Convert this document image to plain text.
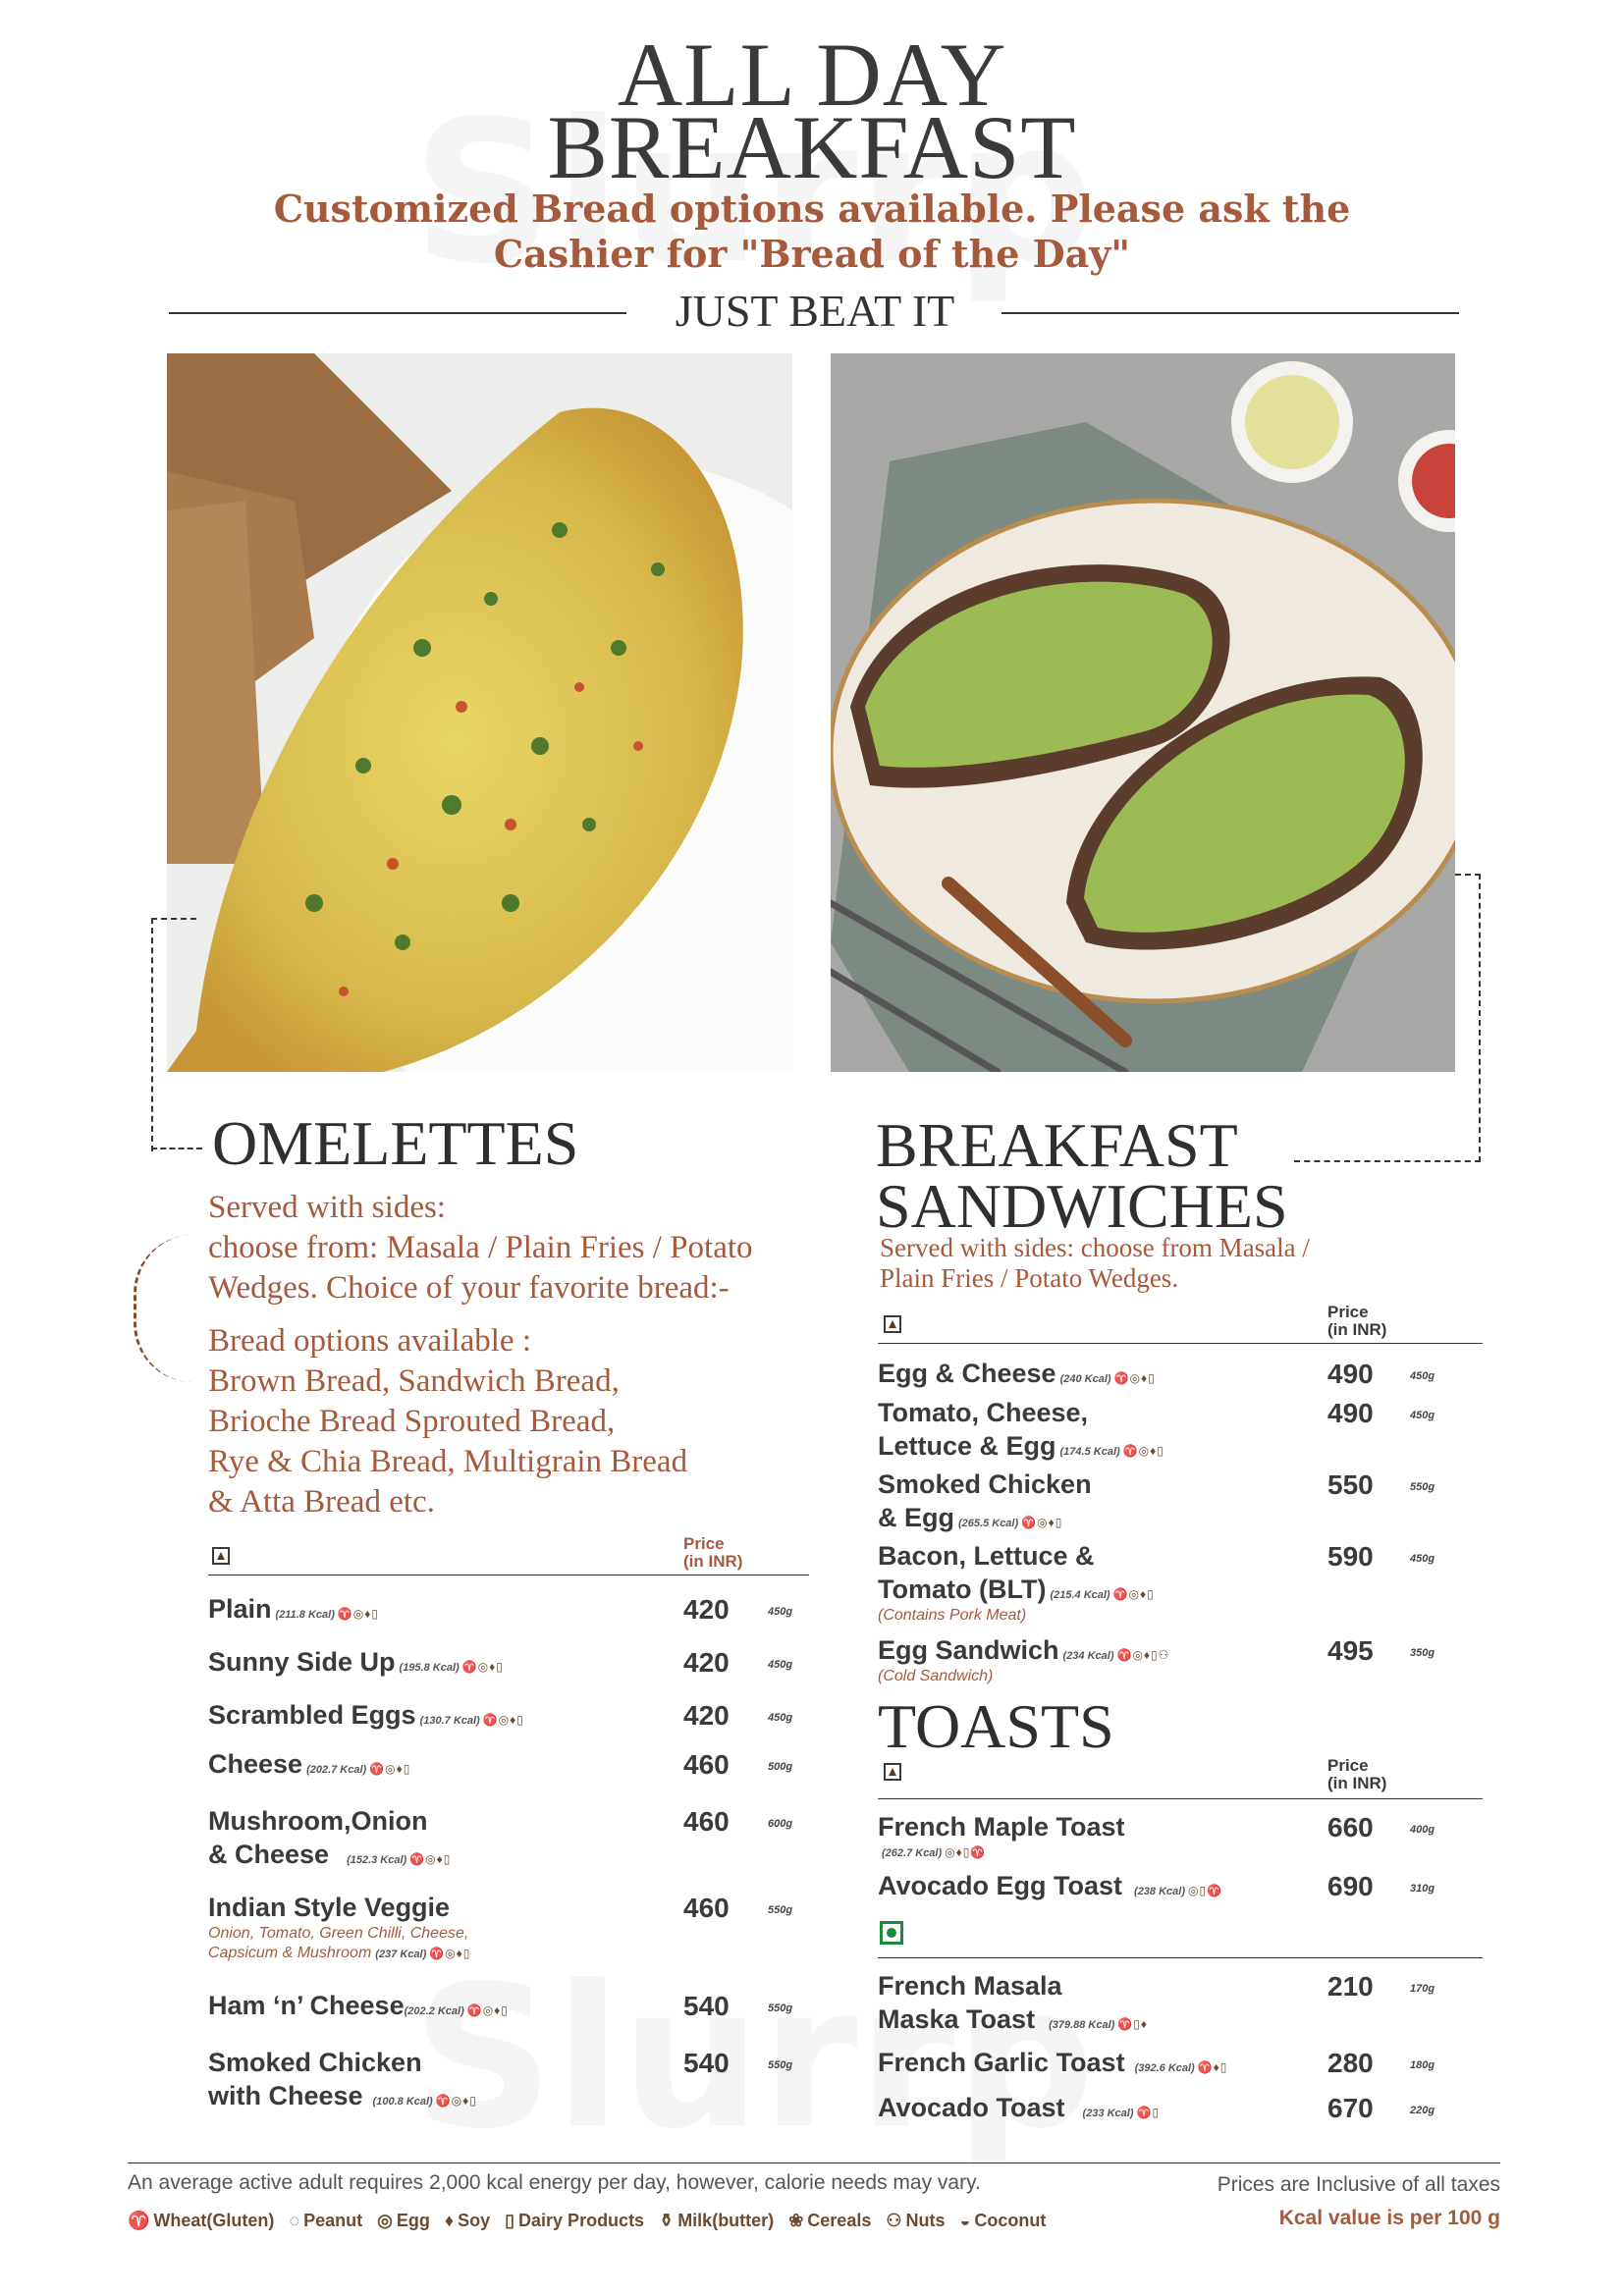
ALL DAY
BREAKFAST
Customized Bread options available. Please ask the
Cashier for "Bread of the Day"
JUST BEAT IT
OMELETTES
Served with sides:
choose from: Masala / Plain Fries / Potato
Wedges. Choice of your favorite bread:-
Bread options available :
Brown Bread, Sandwich Bread,
Brioche Bread Sprouted Bread,
Rye & Chia Bread, Multigrain Bread
& Atta Bread etc.
Price
(in INR)
Plain (211.8 Kcal) ♈◎♦▯	420	450g
Sunny Side Up (195.8 Kcal) ♈◎♦▯	420	450g
Scrambled Eggs (130.7 Kcal) ♈◎♦▯	420	450g
Cheese (202.7 Kcal) ♈◎♦▯	460	500g
Mushroom,Onion
& Cheese (152.3 Kcal) ♈◎♦▯
460	600g
Indian Style Veggie
Onion, Tomato, Green Chilli, Cheese,
Capsicum & Mushroom (237 Kcal) ♈◎♦▯
460	550g
Ham ‘n’ Cheese(202.2 Kcal) ♈◎♦▯	540	550g
Smoked Chicken
with Cheese (100.8 Kcal) ♈◎♦▯
540	550g
BREAKFAST
SANDWICHES
Served with sides: choose from Masala /
Plain Fries / Potato Wedges.
Price
(in INR)
Egg & Cheese (240 Kcal) ♈◎♦▯	490	450g
Tomato, Cheese,
Lettuce & Egg (174.5 Kcal) ♈◎♦▯
490	450g
Smoked Chicken
& Egg (265.5 Kcal) ♈◎♦▯
550	550g
Bacon, Lettuce &
Tomato (BLT) (215.4 Kcal) ♈◎♦▯
(Contains Pork Meat)
590	450g
Egg Sandwich (234 Kcal) ♈◎♦▯⚇
(Cold Sandwich)
495	350g
TOASTS
Price
(in INR)
French Maple Toast
(262.7 Kcal) ◎♦▯♈
660	400g
Avocado Egg Toast (238 Kcal) ◎▯♈	690	310g
French Masala
Maska Toast (379.88 Kcal) ♈▯♦
210	170g
French Garlic Toast (392.6 Kcal) ♈♦▯	280	180g
Avocado Toast (233 Kcal) ♈▯	670	220g
An average active adult requires 2,000 kcal energy per day, however, calorie needs may vary.	Prices are Inclusive of all taxes
Kcal value is per 100 g
♈ Wheat(Gluten) ◌ Peanut ◎ Egg ♦ Soy ▯ Dairy Products ⚱ Milk(butter) ❀ Cereals ⚇ Nuts ◒ Coconut
